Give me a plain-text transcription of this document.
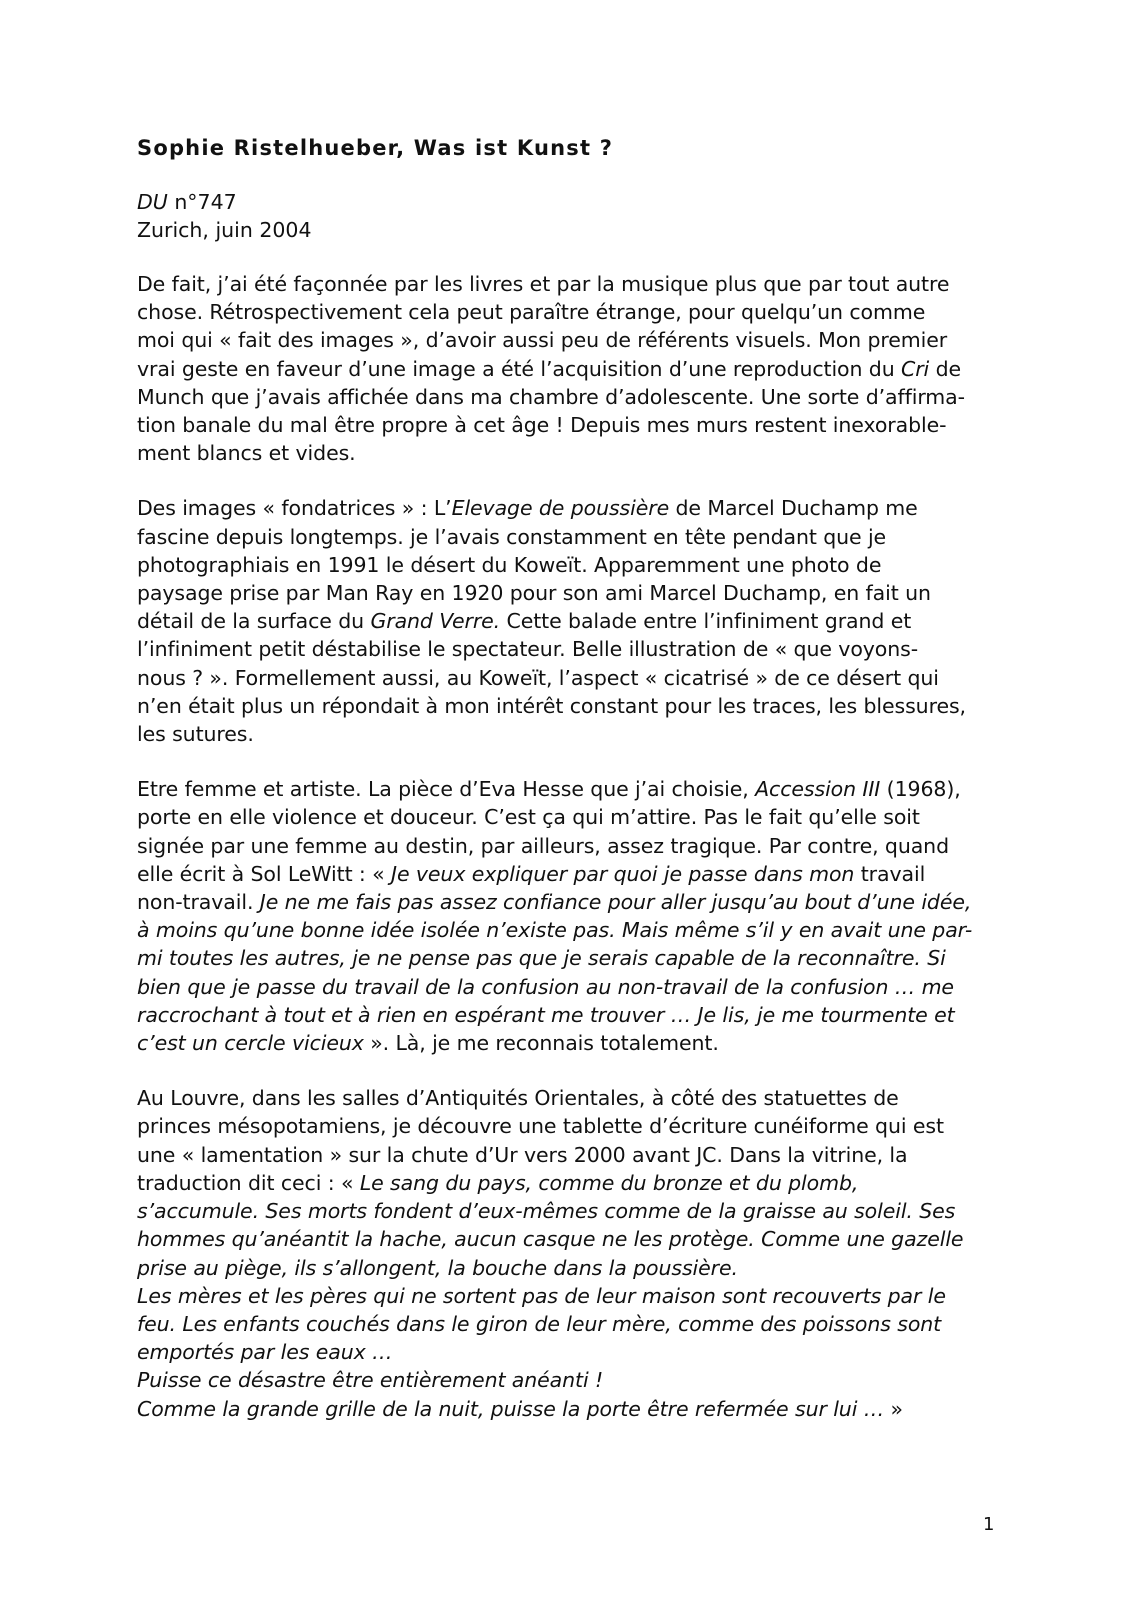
Sophie Ristelhueber, Was ist Kunst ?
DU n°747
Zurich, juin 2004

De fait, j’ai été façonnée par les livres et par la musique plus que par tout autre
chose. Rétrospectivement cela peut paraître étrange, pour quelqu’un comme
moi qui « fait des images », d’avoir aussi peu de référents visuels. Mon premier
vrai geste en faveur d’une image a été l’acquisition d’une reproduction du Cri de
Munch que j’avais affichée dans ma chambre d’adolescente. Une sorte d’affirma-
tion banale du mal être propre à cet âge ! Depuis mes murs restent inexorable-
ment blancs et vides.

Des images « fondatrices » : L’Elevage de poussière de Marcel Duchamp me
fascine depuis longtemps. je l’avais constamment en tête pendant que je
photographiais en 1991 le désert du Koweït. Apparemment une photo de
paysage prise par Man Ray en 1920 pour son ami Marcel Duchamp, en fait un
détail de la surface du Grand Verre. Cette balade entre l’infiniment grand et
l’infiniment petit déstabilise le spectateur. Belle illustration de « que voyons-
nous ? ». Formellement aussi, au Koweït, l’aspect « cicatrisé » de ce désert qui
n’en était plus un répondait à mon intérêt constant pour les traces, les blessures,
les sutures.

Etre femme et artiste. La pièce d’Eva Hesse que j’ai choisie, Accession III (1968),
porte en elle violence et douceur. C’est ça qui m’attire. Pas le fait qu’elle soit
signée par une femme au destin, par ailleurs, assez tragique. Par contre, quand
elle écrit à Sol LeWitt : « Je veux expliquer par quoi je passe dans mon travail
non-travail. Je ne me fais pas assez confiance pour aller jusqu’au bout d’une idée,
à moins qu’une bonne idée isolée n’existe pas. Mais même s’il y en avait une par-
mi toutes les autres, je ne pense pas que je serais capable de la reconnaître. Si
bien que je passe du travail de la confusion au non-travail de la confusion … me
raccrochant à tout et à rien en espérant me trouver … Je lis, je me tourmente et
c’est un cercle vicieux ». Là, je me reconnais totalement.

Au Louvre, dans les salles d’Antiquités Orientales, à côté des statuettes de
princes mésopotamiens, je découvre une tablette d’écriture cunéiforme qui est
une « lamentation » sur la chute d’Ur vers 2000 avant JC. Dans la vitrine, la
traduction dit ceci : « Le sang du pays, comme du bronze et du plomb,
s’accumule. Ses morts fondent d’eux-mêmes comme de la graisse au soleil. Ses
hommes qu’anéantit la hache, aucun casque ne les protège. Comme une gazelle
prise au piège, ils s’allongent, la bouche dans la poussière.
Les mères et les pères qui ne sortent pas de leur maison sont recouverts par le
feu. Les enfants couchés dans le giron de leur mère, comme des poissons sont
emportés par les eaux …
Puisse ce désastre être entièrement anéanti !
Comme la grande grille de la nuit, puisse la porte être refermée sur lui … »

1
